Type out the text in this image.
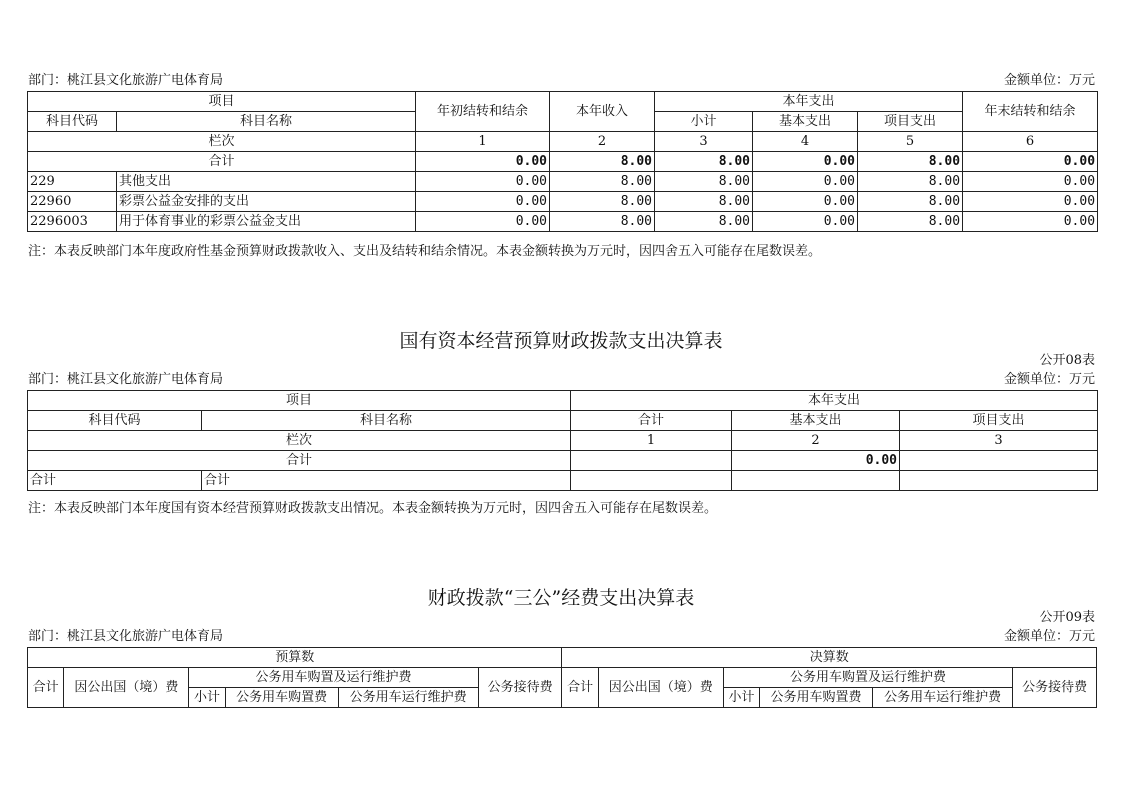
部门：桃江县文化旅游广电体育局	金额单位：万元
项目		年初结转和结余	本年收入	本年支出			年末结转和结余
科目代码	科目名称			小计	基本支出	项目支出	
栏次		1	2	3	4	5	6
合计		0.00	8.00	8.00	0.00	8.00	0.00
229	其他支出	0.00	8.00	8.00	0.00	8.00	0.00
22960	彩票公益金安排的支出	0.00	8.00	8.00	0.00	8.00	0.00
2296003	用于体育事业的彩票公益金支出	0.00	8.00	8.00	0.00	8.00	0.00
注：本表反映部门本年度政府性基金预算财政拨款收入、支出及结转和结余情况。本表金额转换为万元时，因四舍五入可能存在尾数误差。
国有资本经营预算财政拨款支出决算表
公开08表
部门：桃江县文化旅游广电体育局	金额单位：万元
项目		本年支出		
科目代码	科目名称	合计	基本支出	项目支出
栏次		1	2	3
合计			0.00	
合计	合计			
注：本表反映部门本年度国有资本经营预算财政拨款支出情况。本表金额转换为万元时，因四舍五入可能存在尾数误差。
财政拨款“三公”经费支出决算表
公开09表
部门：桃江县文化旅游广电体育局	金额单位：万元
预算数						决算数					
合计	因公出国（境）费	公务用车购置及运行维护费			公务接待费	合计	因公出国（境）费	公务用车购置及运行维护费			公务接待费
		小计	公务用车购置费	公务用车运行维护费				小计	公务用车购置费	公务用车运行维护费	
